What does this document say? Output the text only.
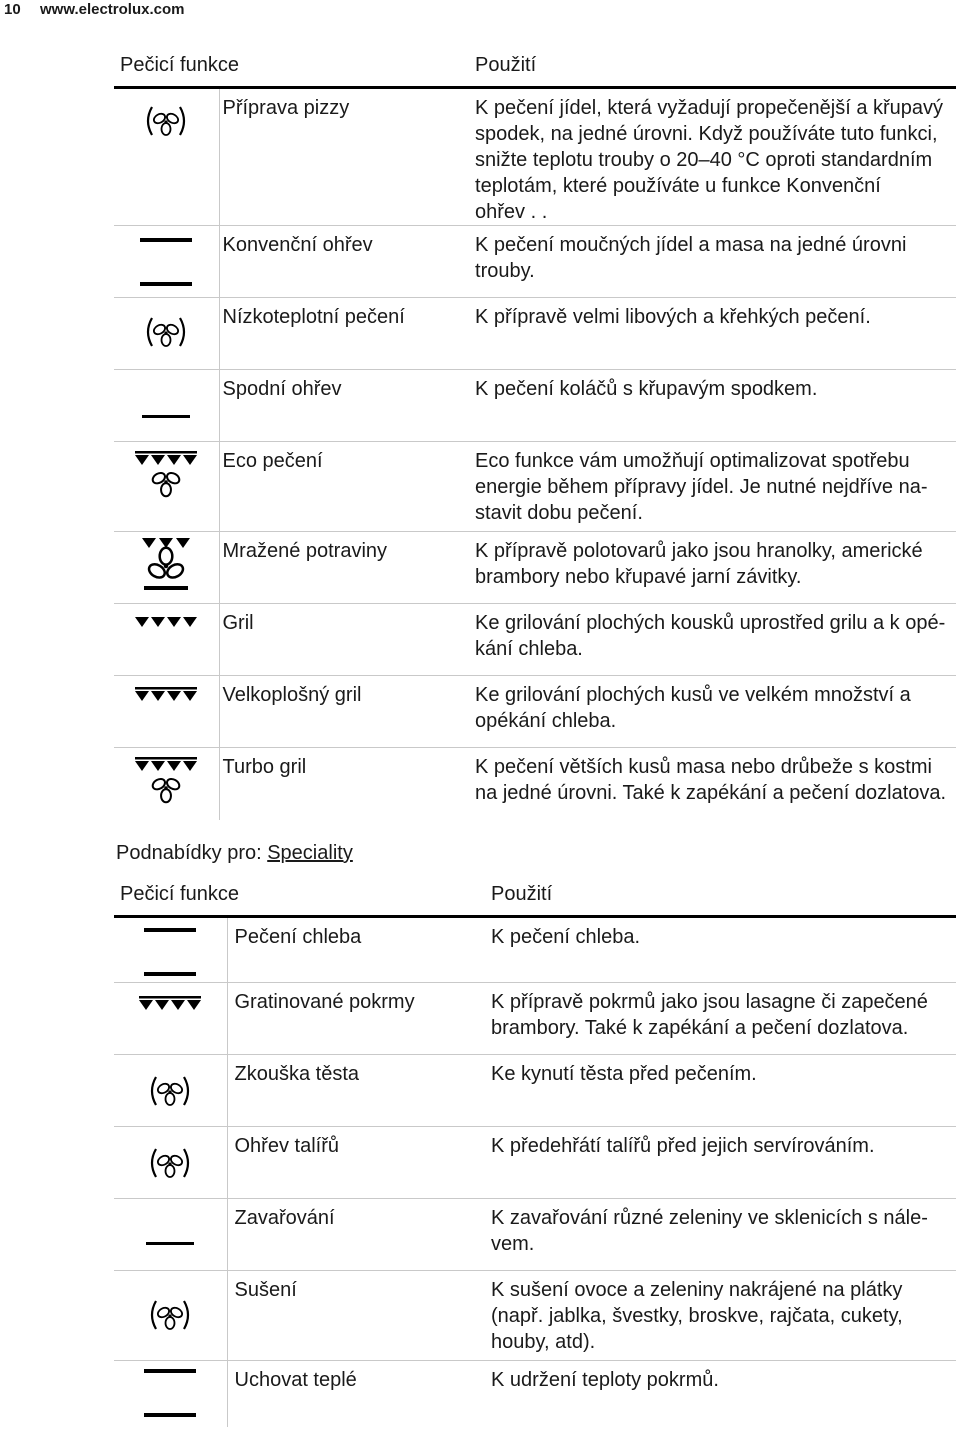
10 www.electrolux.com
Pečicí funkce		Použití

	Příprava pizzy	K pečení jídel, která vyžadují propečenější a křupavý
spodek, na jedné úrovni. Když používáte tuto funkci,
snižte teplotu trouby o 20–40 °C oproti standardním
teplotám, které používáte u funkce Konvenční
ohřev . .

	Konvenční ohřev	K pečení moučných jídel a masa na jedné úrovni
trouby.

	Nízkoteplotní pečení	K přípravě velmi libových a křehkých pečení.

	Spodní ohřev	K pečení koláčů s křupavým spodkem.

	Eco pečení	Eco funkce vám umožňují optimalizovat spotřebu
energie během přípravy jídel. Je nutné nejdříve na-
stavit dobu pečení.

	Mražené potraviny	K přípravě polotovarů jako jsou hranolky, americké
brambory nebo křupavé jarní závitky.

	Gril	Ke grilování plochých kousků uprostřed grilu a k opé-
kání chleba.

	Velkoplošný gril	Ke grilování plochých kusů ve velkém množství a
opékání chleba.

	Turbo gril	K pečení větších kusů masa nebo drůbeže s kostmi
na jedné úrovni. Také k zapékání a pečení dozlatova.
Podnabídky pro: Speciality
Pečicí funkce		Použití

	Pečení chleba	K pečení chleba.

	Gratinované pokrmy	K přípravě pokrmů jako jsou lasagne či zapečené
brambory. Také k zapékání a pečení dozlatova.

	Zkouška těsta	Ke kynutí těsta před pečením.

	Ohřev talířů	K předehřátí talířů před jejich servírováním.

	Zavařování	K zavařování různé zeleniny ve sklenicích s nále-
vem.

	Sušení	K sušení ovoce a zeleniny nakrájené na plátky
(např. jablka, švestky, broskve, rajčata, cukety,
houby, atd).

	Uchovat teplé	K udržení teploty pokrmů.
